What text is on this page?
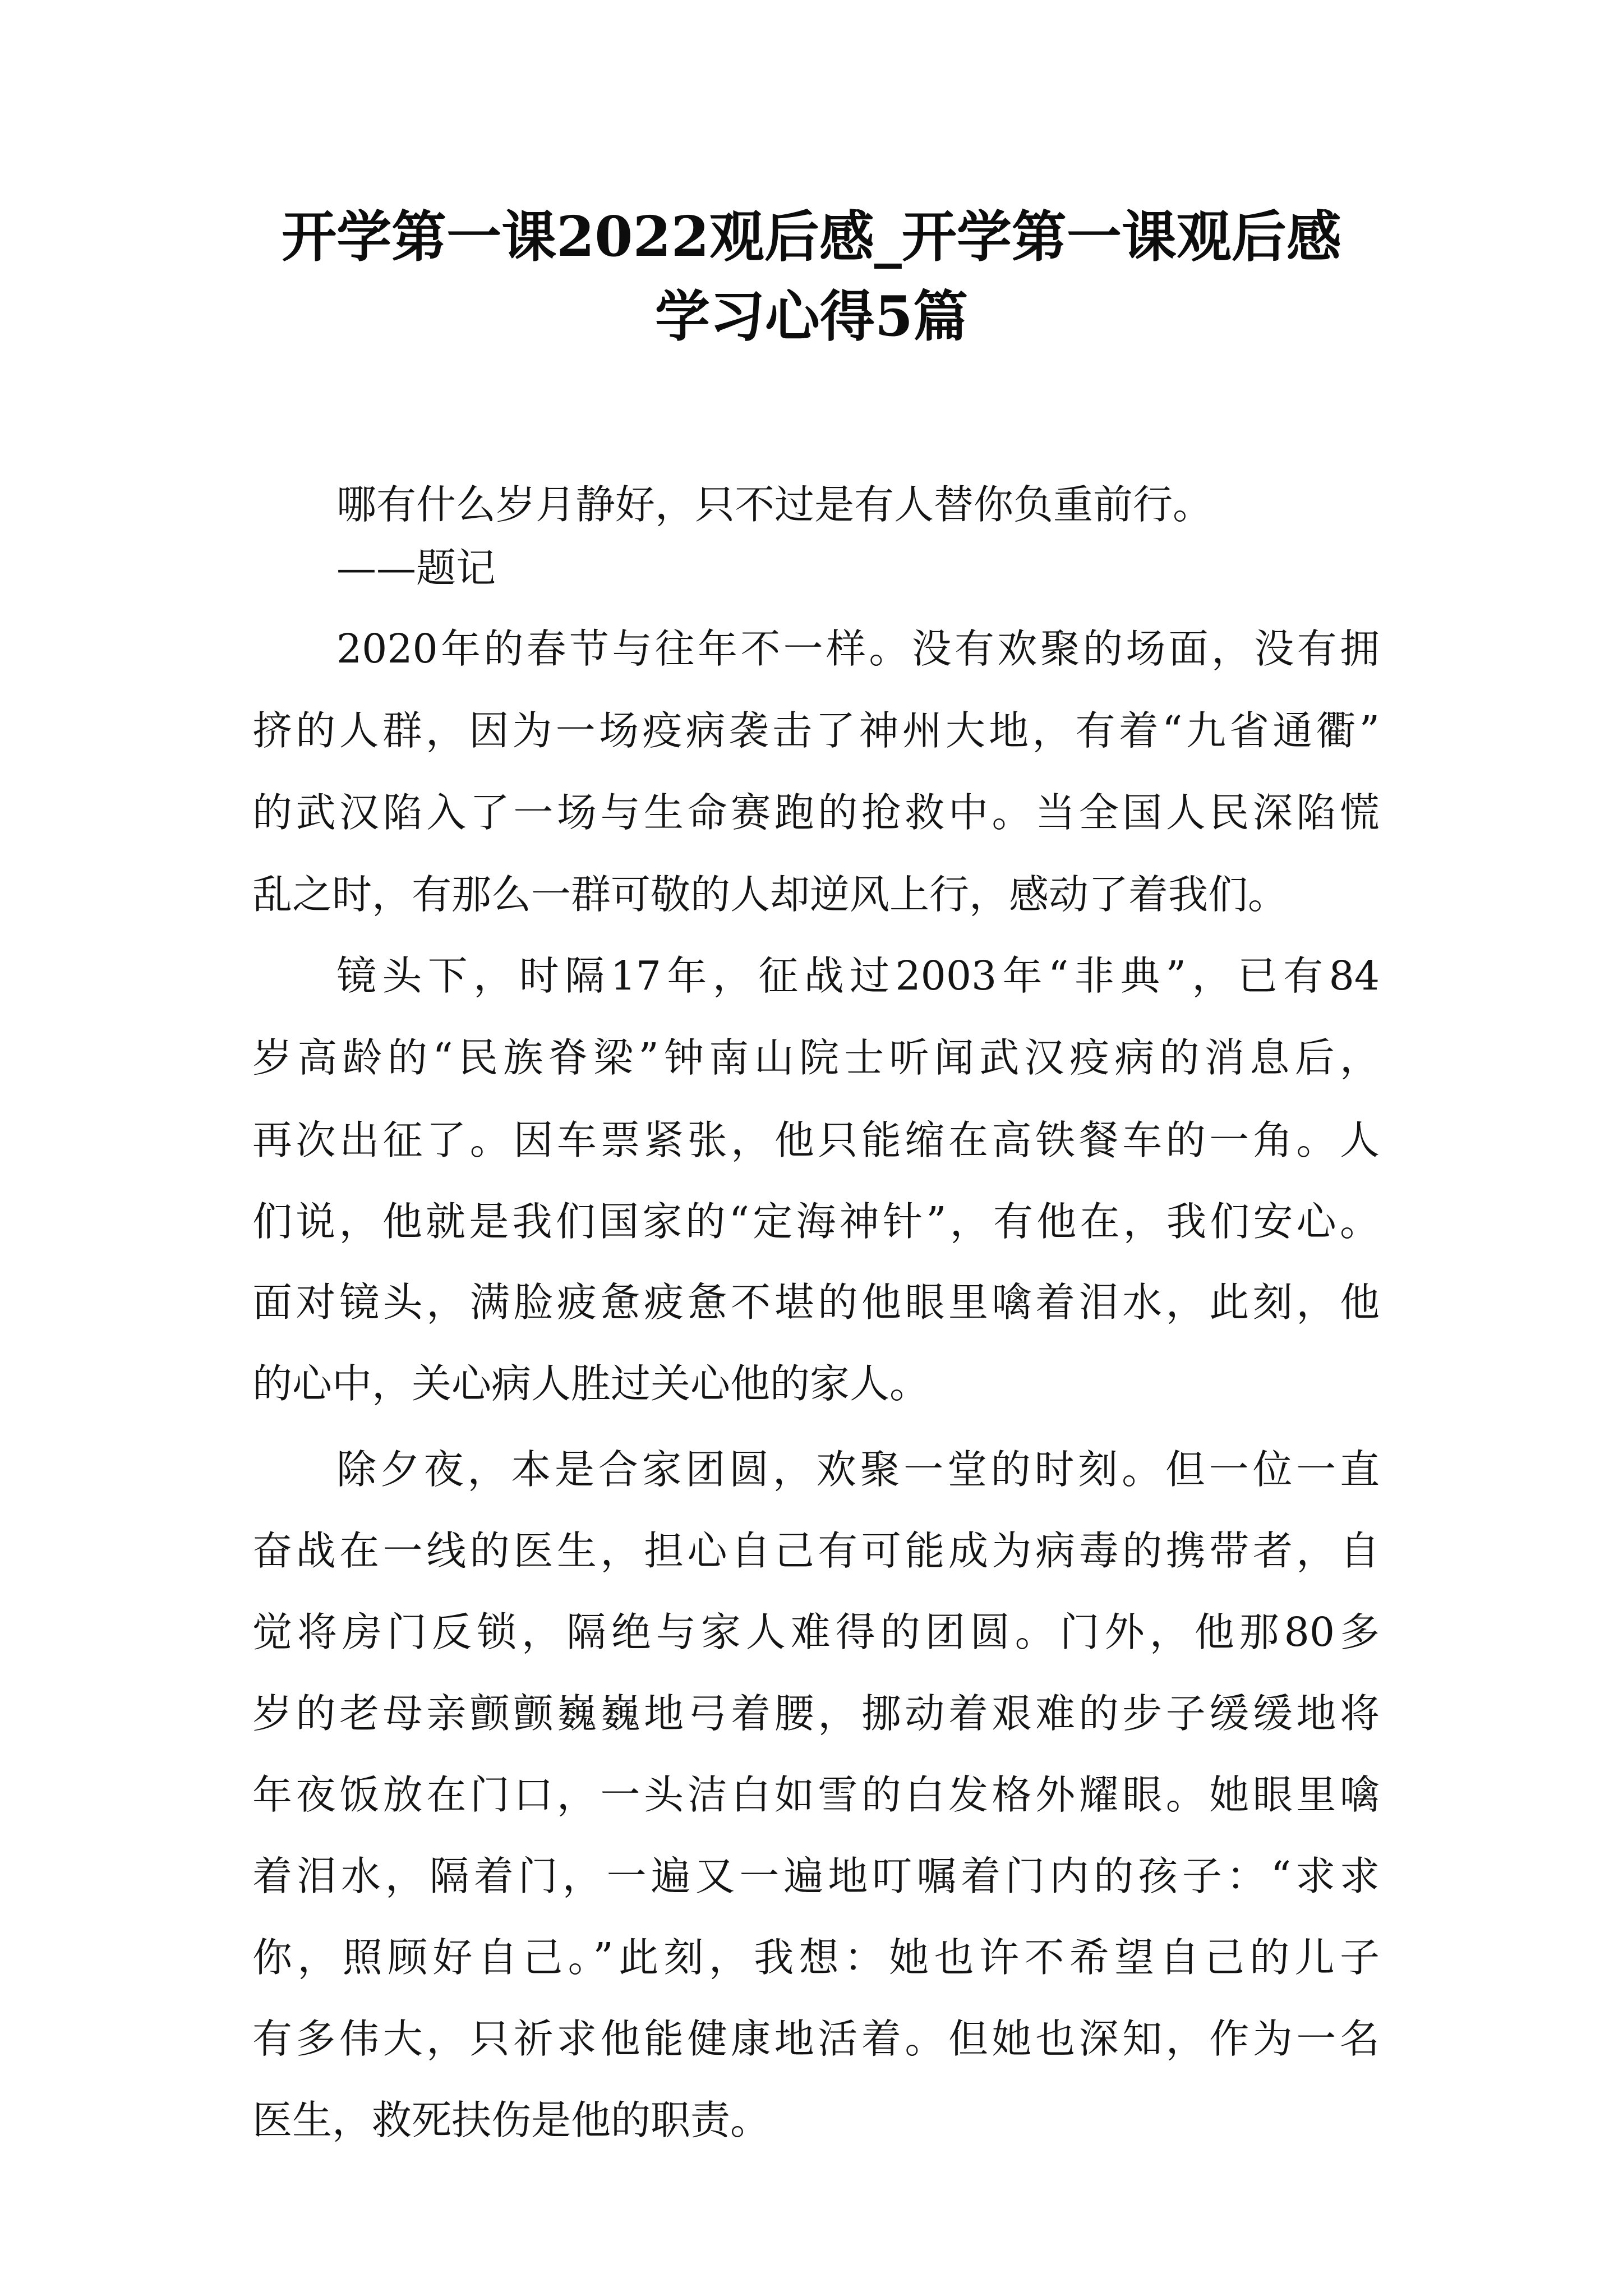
开学第一课2022观后感_开学第一课观后感
学习心得5篇
哪有什么岁月静好，只不过是有人替你负重前行。
——题记
2020年的春节与往年不一样。没有欢聚的场面，没有拥
挤的人群，因为一场疫病袭击了神州大地，有着“九省通衢”
的武汉陷入了一场与生命赛跑的抢救中。当全国人民深陷慌
乱之时，有那么一群可敬的人却逆风上行，感动了着我们。
镜头下，时隔17年，征战过2003年“非典”，已有84
岁高龄的“民族脊梁”钟南山院士听闻武汉疫病的消息后，
再次出征了。因车票紧张，他只能缩在高铁餐车的一角。人
们说，他就是我们国家的“定海神针”，有他在，我们安心。
面对镜头，满脸疲惫疲惫不堪的他眼里噙着泪水，此刻，他
的心中，关心病人胜过关心他的家人。
除夕夜，本是合家团圆，欢聚一堂的时刻。但一位一直
奋战在一线的医生，担心自己有可能成为病毒的携带者，自
觉将房门反锁，隔绝与家人难得的团圆。门外，他那80多
岁的老母亲颤颤巍巍地弓着腰，挪动着艰难的步子缓缓地将
年夜饭放在门口，一头洁白如雪的白发格外耀眼。她眼里噙
着泪水，隔着门，一遍又一遍地叮嘱着门内的孩子：“求求
你，照顾好自己。”此刻，我想：她也许不希望自己的儿子
有多伟大，只祈求他能健康地活着。但她也深知，作为一名
医生，救死扶伤是他的职责。
